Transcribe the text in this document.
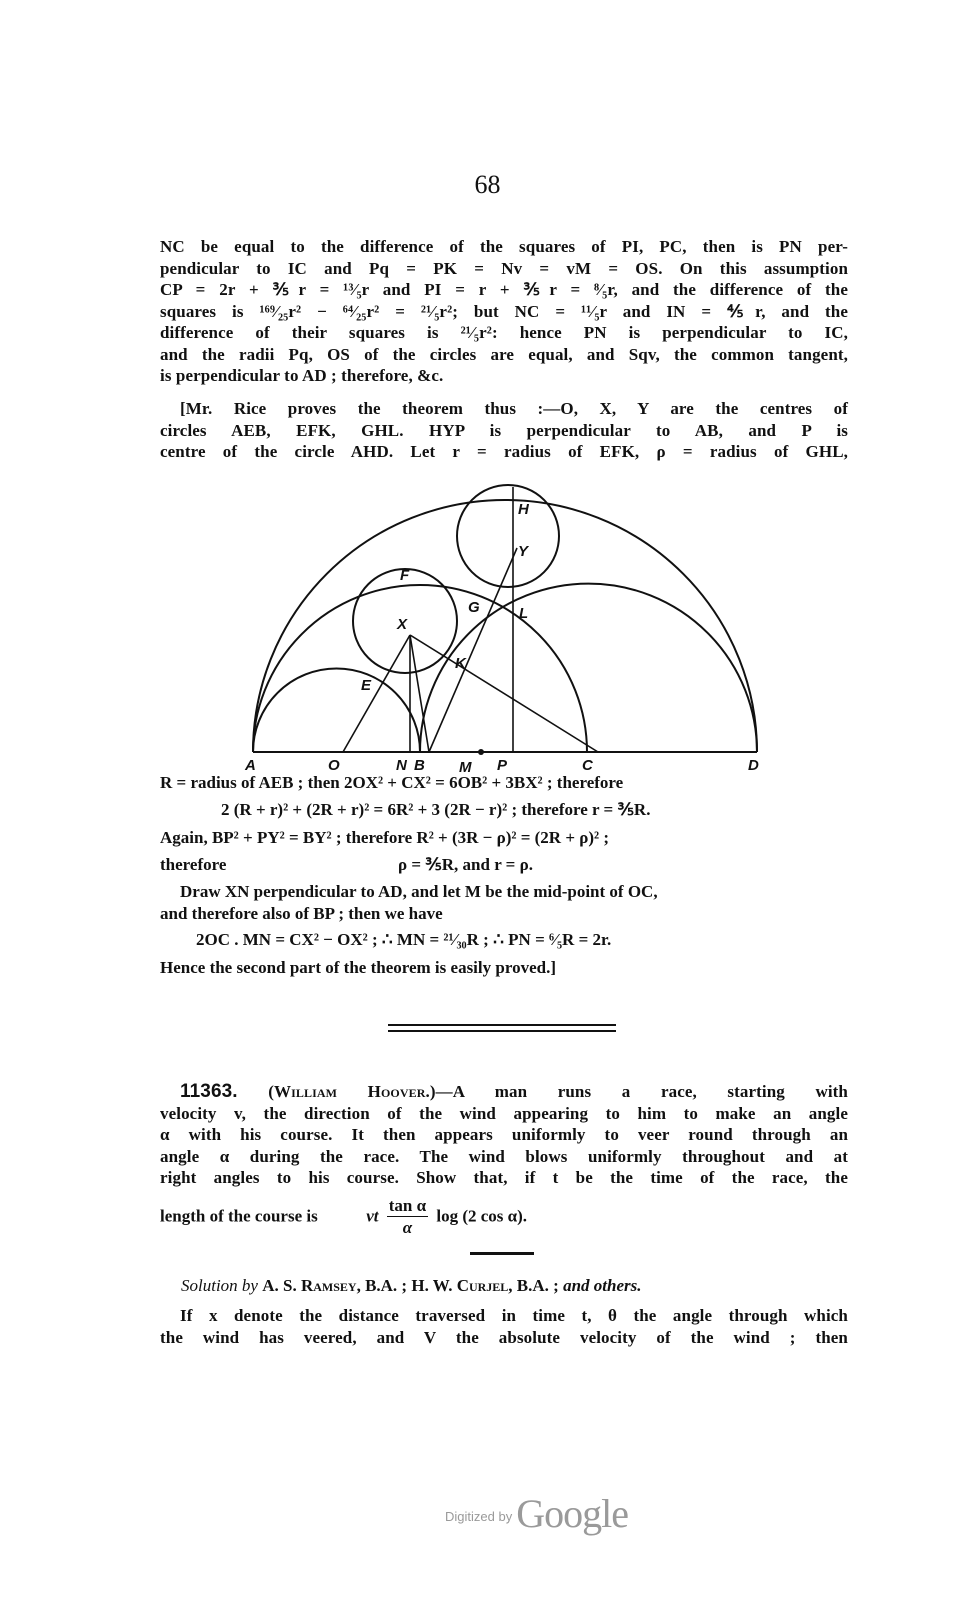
68
NC be equal to the difference of the squares of PI, PC, then is PN per-
pendicular to IC and Pq = PK = Nv = vM = OS. On this assumption
CP = 2r + ⅗r = ¹³⁄₅r and PI = r + ⅗r = ⁸⁄₅r, and the difference of the
squares is ¹⁶⁹⁄₂₅r² − ⁶⁴⁄₂₅r² = ²¹⁄₅r²; but NC = ¹¹⁄₅r and IN = ⅘r, and the
difference of their squares is ²¹⁄₅r²: hence PN is perpendicular to IC,
and the radii Pq, OS of the circles are equal, and Sqv, the common tangent,
is perpendicular to AD ; therefore, &c.
[Mr. Rice proves the theorem thus :—O, X, Y are the centres of
circles AEB, EFK, GHL. HYP is perpendicular to AB, and P is
centre of the circle AHD. Let r = radius of EFK, ρ = radius of GHL,
A	O	N B M P	C	D
E
F
X
G
K
L
H
Y
R = radius of AEB ; then 2OX² + CX² = 6OB² + 3BX² ; therefore
2 (R + r)² + (2R + r)² = 6R² + 3 (2R − r)² ; therefore r = ⅗R.
Again, BP² + PY² = BY² ; therefore R² + (3R − ρ)² = (2R + ρ)² ;
therefore	ρ = ⅗R, and r = ρ.
Draw XN perpendicular to AD, and let M be the mid-point of OC,
and therefore also of BP ; then we have
2OC . MN = CX² − OX² ; ∴ MN = ²¹⁄₃₀R ; ∴ PN = ⁶⁄₅R = 2r.
Hence the second part of the theorem is easily proved.]
11363. (William Hoover.)—A man runs a race, starting with
velocity v, the direction of the wind appearing to him to make an angle
α with his course. It then appears uniformly to veer round through an
angle α during the race. The wind blows uniformly throughout and at
right angles to his course. Show that, if t be the time of the race, the
length of the course is	vt $\frac{\text{tan α}}{\alpha}$ log (2 cos α).
Solution by A. S. Ramsey, B.A. ; H. W. Curjel, B.A. ; and others.
If x denote the distance traversed in time t, θ the angle through which
the wind has veered, and V the absolute velocity of the wind ; then
$^{Digitized by}$ Google
